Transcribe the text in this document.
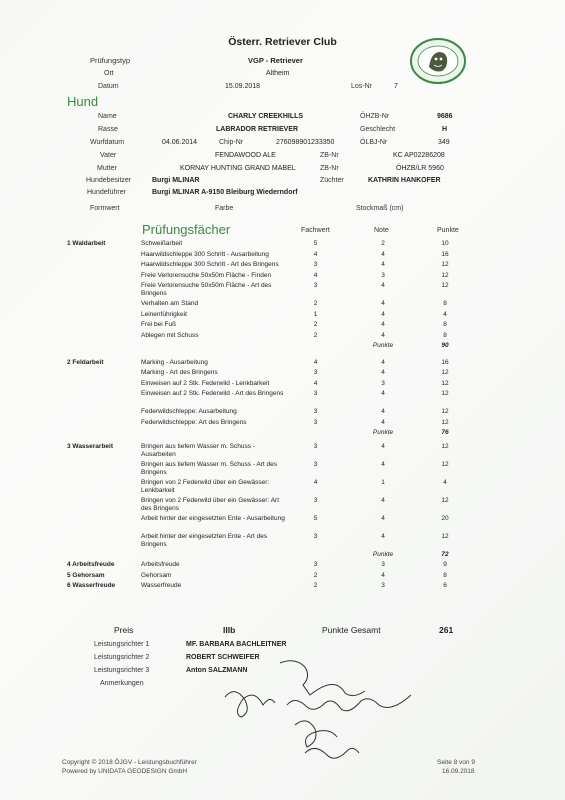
Österr. Retriever Club
Prüfungstyp	VGP - Retriever
Ort	Altheim
Datum	15.09.2018	Los-Nr	7
Hund
Name	CHARLY CREEKHILLS	ÖHZB-Nr	9686
Rasse	LABRADOR RETRIEVER	Geschlecht	H
Wurfdatum	04.06.2014	Chip-Nr	276098901233350	ÖLBJ-Nr	349
Vater	FENDAWOOD ALE	ZB-Nr	KC AP02286208
Mutter	KORNAY HUNTING GRAND MABEL	ZB-Nr	ÖHZB/LR 5960
Hundebesitzer	Burgi MLINAR	Züchter	KATHRIN HANKOFER
Hundeführer	Burgi MLINAR A-9150 Bleiburg Wiederndorf
Formwert	Farbe	Stockmaß (cm)
Prüfungsfächer	Fachwert	Note	Punkte
1 Waldarbeit	Schweißarbeit	5	2	10
	Haarwildschleppe 300 Schritt - Ausarbeitung	4	4	16
	Haarwildschleppe 300 Schritt - Art des Bringens	3	4	12
	Freie Verlorensuche 50x50m Fläche - Finden	4	3	12
	Freie Verlorensuche 50x50m Fläche - Art des Bringens	3	4	12
	Verhalten am Stand	2	4	8
	Leinenführigkeit	1	4	4
	Frei bei Fuß	2	4	8
	Ablegen mit Schuss	2	4	8
			Punkte	90

2 Feldarbeit	Marking - Ausarbeitung	4	4	16
	Marking - Art des Bringens	3	4	12
	Einweisen auf 2 Stk. Federwild - Lenkbarkeit	4	3	12
	Einweisen auf 2 Stk. Federwild - Art des Bringens	3	4	12
	Federwildschleppe: Ausarbeitung	3	4	12
	Federwildschleppe: Art des Bringens	3	4	12
			Punkte	76

3 Wasserarbeit	Bringen aus tiefem Wasser m. Schuss - Ausarbeiten	3	4	12
	Bringen aus tiefem Wasser m. Schuss - Art des Bringens	3	4	12
	Bringen von 2 Federwild über ein Gewässer: Lenkbarkeit	4	1	4
	Bringen von 2 Federwild über ein Gewässer: Art des Bringens	3	4	12
	Arbeit hinter der eingesetzten Ente - Ausarbeitung	5	4	20
	Arbeit hinter der eingesetzten Ente - Art des Bringens	3	4	12
			Punkte	72
4 Arbeitsfreude	Arbeitsfreude	3	3	9
5 Gehorsam	Gehorsam	2	4	8
6 Wasserfreude	Wasserfreude	2	3	6
Preis	IIIb	Punkte Gesamt	261
Leistungsrichter 1	MF. BARBARA BACHLEITNER
Leistungsrichter 2	ROBERT SCHWEIFER
Leistungsrichter 3	Anton SALZMANN
Anmerkungen
Copyright © 2018 ÖJGV - Leistungsbuchführer
Powered by UNIDATA GEODESIGN GmbH
Seite 8 von 9
16.09.2018
